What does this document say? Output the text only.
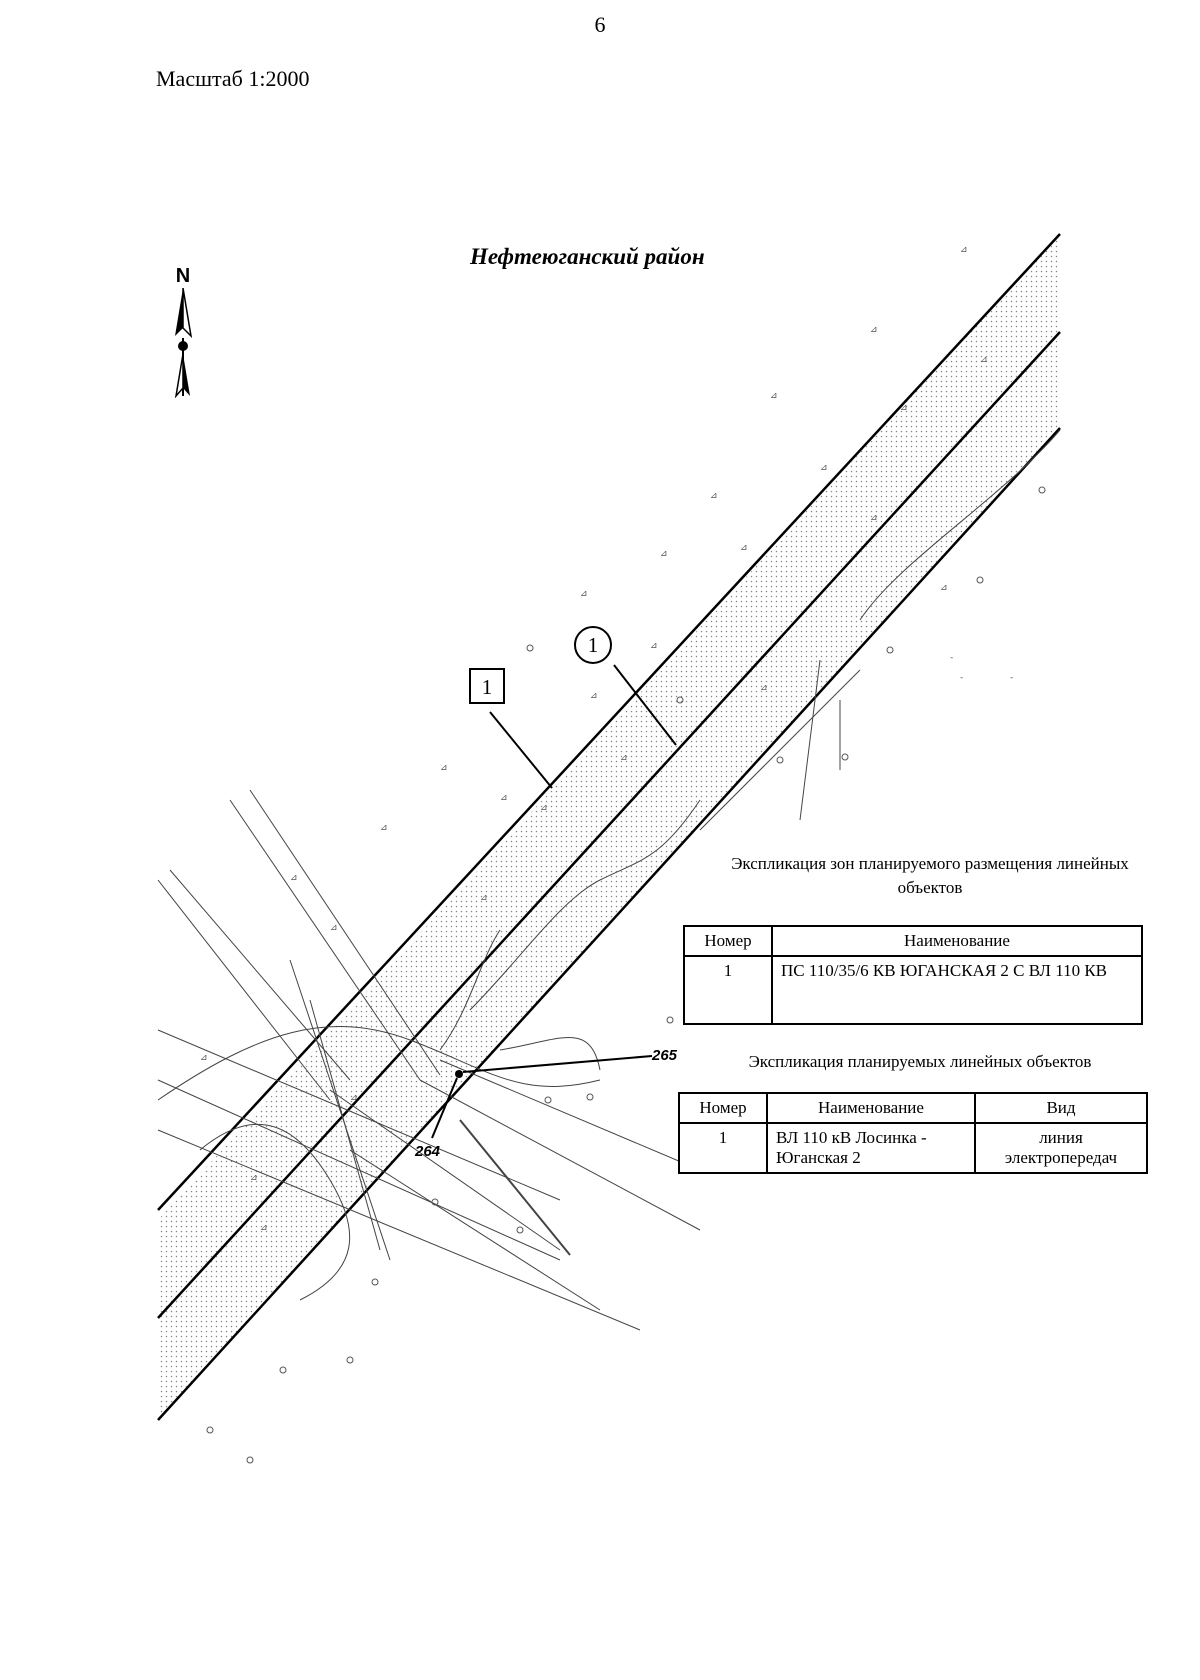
6
Масштаб 1:2000
Нефтеюганский район
N
⊿
⊿
⊿
⊿
⊿
⊿
⊿
⊿
⊿
⊿
⊿
⊿
⊿
⊿
⊿
⊿
⊿
⊿
⊿
⊿
⊿
⊿
⊿
⊿
⊿
⊿
⊿
-
-	-
1
1
265
264
Экспликация зон планируемого размещения линейных объектов
Номер	Наименование
1	ПС 110/35/6 КВ ЮГАНСКАЯ 2 С ВЛ 110 КВ
Экспликация планируемых линейных объектов
Номер	Наименование	Вид
1	ВЛ 110 кВ Лосинка - Юганская 2	линия электропередач
